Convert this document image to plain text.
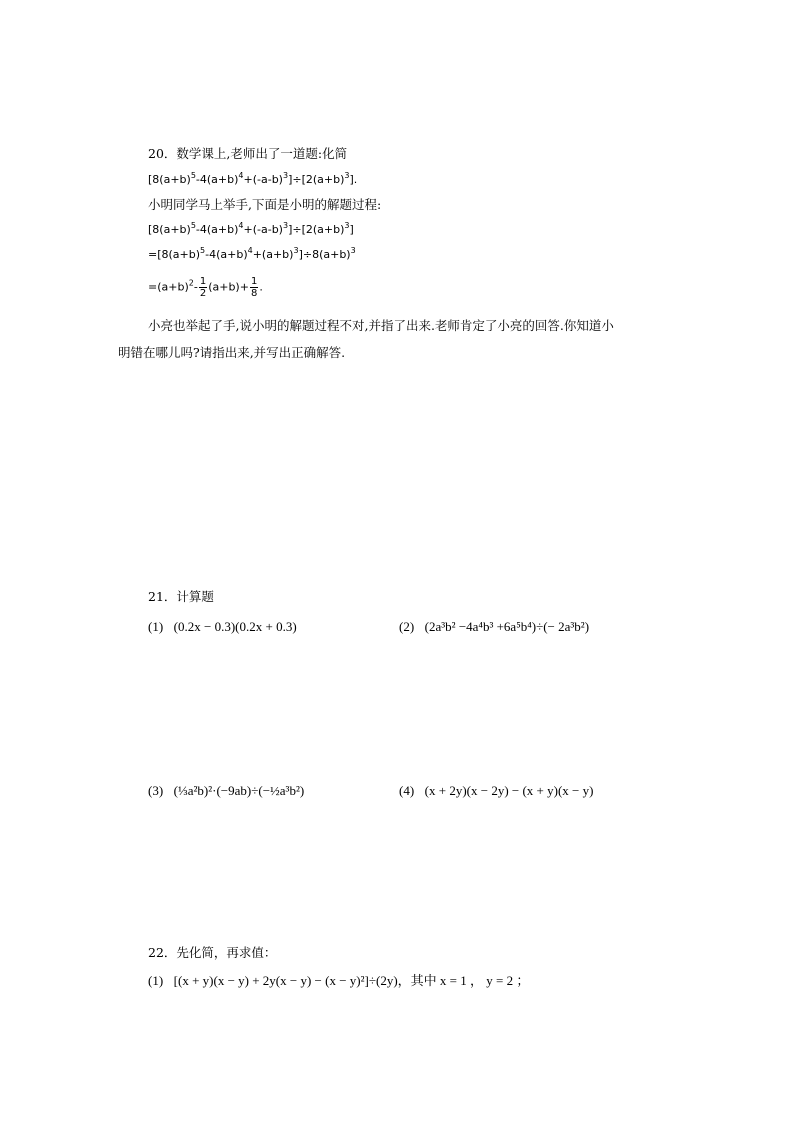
20．数学课上,老师出了一道题:化简
$[8(a+b)^5-4(a+b)^4+(-a-b)^3]\div[2(a+b)^3]$.
小明同学马上举手,下面是小明的解题过程:
$[8(a+b)^5-4(a+b)^4+(-a-b)^3]\div[2(a+b)^3]$
$=[8(a+b)^5-4(a+b)^4+(a+b)^3]\div 8(a+b)^3$
$=(a+b)^2- \frac{1}{2} (a+b)+ \frac{1}{8}$ .
小亮也举起了手,说小明的解题过程不对,并指了出来.老师肯定了小亮的回答.你知道小
明错在哪儿吗?请指出来,并写出正确解答.
21．计算题
(1) (0.2x − 0.3)(0.2x + 0.3)	(2) (2a³b² −4a⁴b³ +6a⁵b⁴)÷(− 2a³b²)
(3) (⅓a²b)²·(−9ab)÷(−½a³b²)	(4) (x + 2y)(x − 2y) − (x + y)(x − y)
22．先化简，再求值：
(1) [(x + y)(x − y) + 2y(x − y) − (x − y)²]÷(2y)，其中 x = 1 ， y = 2 ；
